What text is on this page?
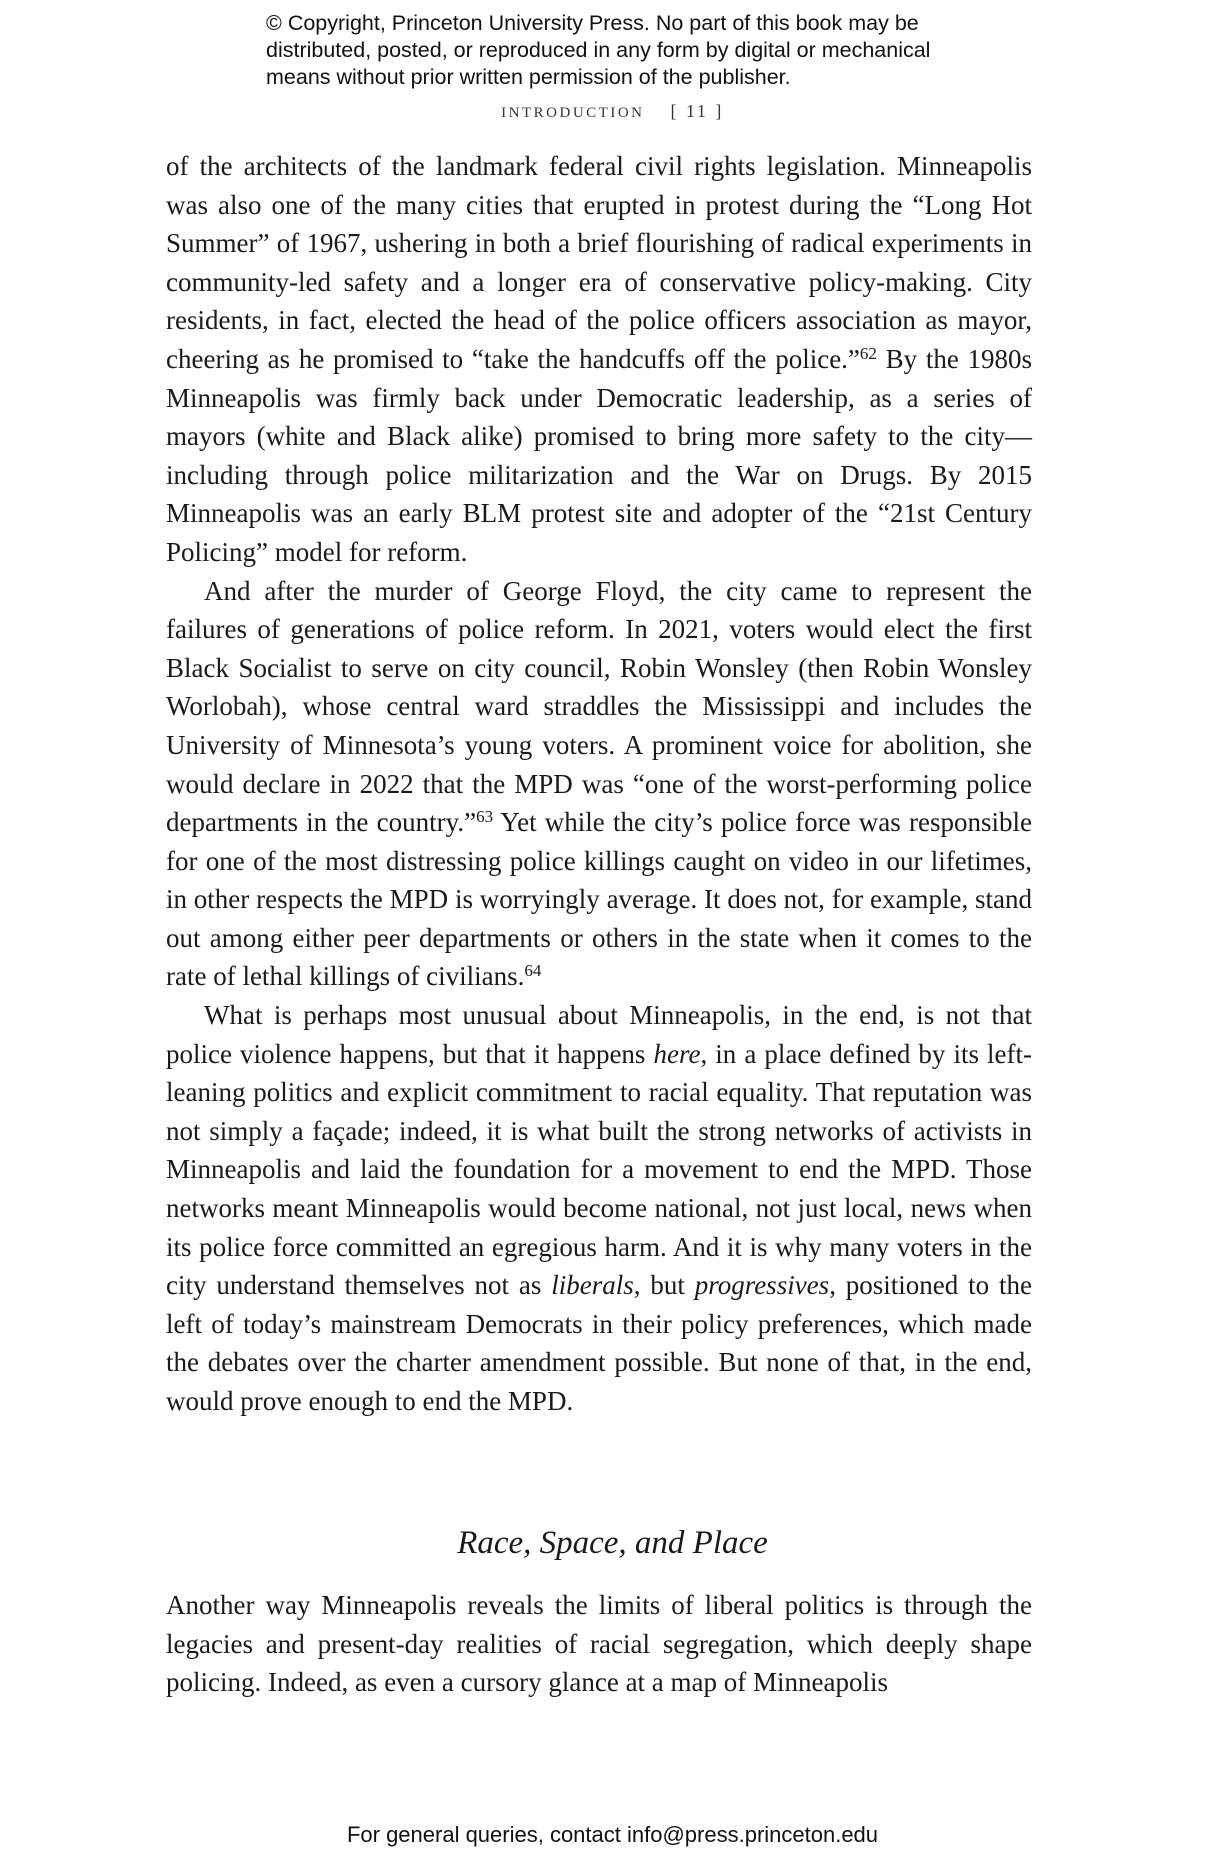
© Copyright, Princeton University Press. No part of this book may be
distributed, posted, or reproduced in any form by digital or mechanical
means without prior written permission of the publisher.
introduction [ 11 ]

of the architects of the landmark federal civil rights legislation. Minneapolis was also one of the many cities that erupted in protest during the “Long Hot Summer” of 1967, ushering in both a brief flourishing of radical experiments in community-led safety and a longer era of conservative policy-making. City residents, in fact, elected the head of the police officers association as mayor, cheering as he promised to “take the handcuffs off the police.”$^{62}$ By the 1980s Minneapolis was firmly back under Democratic leadership, as a series of mayors (white and Black alike) promised to bring more safety to the city—including through police militarization and the War on Drugs. By 2015 Minneapolis was an early BLM protest site and adopter of the “21st Century Policing” model for reform.

And after the murder of George Floyd, the city came to represent the failures of generations of police reform. In 2021, voters would elect the first Black Socialist to serve on city council, Robin Wonsley (then Robin Wonsley Worlobah), whose central ward straddles the Mississippi and includes the University of Minnesota’s young voters. A prominent voice for abolition, she would declare in 2022 that the MPD was “one of the worst-performing police departments in the country.”$^{63}$ Yet while the city’s police force was responsible for one of the most distressing police killings caught on video in our lifetimes, in other respects the MPD is worryingly average. It does not, for example, stand out among either peer departments or others in the state when it comes to the rate of lethal killings of civilians.$^{64}$

What is perhaps most unusual about Minneapolis, in the end, is not that police violence happens, but that it happens here, in a place defined by its left-leaning politics and explicit commitment to racial equality. That reputation was not simply a façade; indeed, it is what built the strong networks of activists in Minneapolis and laid the foundation for a movement to end the MPD. Those networks meant Minneapolis would become national, not just local, news when its police force committed an egregious harm. And it is why many voters in the city understand themselves not as liberals, but progressives, positioned to the left of today’s mainstream Democrats in their policy preferences, which made the debates over the charter amendment possible. But none of that, in the end, would prove enough to end the MPD.

Race, Space, and Place

Another way Minneapolis reveals the limits of liberal politics is through the legacies and present-day realities of racial segregation, which deeply shape policing. Indeed, as even a cursory glance at a map of Minneapolis

For general queries, contact info@press.princeton.edu
